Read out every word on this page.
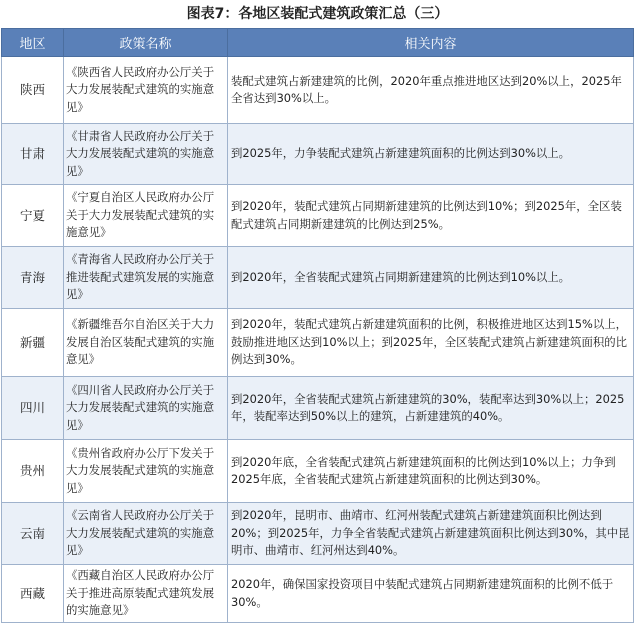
图表7：各地区装配式建筑政策汇总（三）
地区	政策名称	相关内容
陕西	《陕西省人民政府办公厅关于大力发展装配式建筑的实施意见》	装配式建筑占新建建筑的比例，2020年重点推进地区达到20%以上，2025年全省达到30%以上。
甘肃	《甘肃省人民政府办公厅关于大力发展装配式建筑的实施意见》	到2025年，力争装配式建筑占新建建筑面积的比例达到30%以上。
宁夏	《宁夏自治区人民政府办公厅关于大力发展装配式建筑的实施意见》	到2020年，装配式建筑占同期新建建筑的比例达到10%；到2025年，全区装配式建筑占同期新建建筑的比例达到25%。
青海	《青海省人民政府办公厅关于推进装配式建筑发展的实施意见》	到2020年，全省装配式建筑占同期新建建筑的比例达到10%以上。
新疆	《新疆维吾尔自治区关于大力发展自治区装配式建筑的实施意见》	到2020年，装配式建筑占新建建筑面积的比例，积极推进地区达到15%以上，鼓励推进地区达到10%以上；到2025年，全区装配式建筑占新建建筑面积的比例达到30%。
四川	《四川省人民政府办公厅关于大力发展装配式建筑的实施意见》	到2020年，全省装配式建筑占新建建筑的30%，装配率达到30%以上；2025年，装配率达到50%以上的建筑，占新建建筑的40%。
贵州	《贵州省政府办公厅下发关于大力发展装配式建筑的实施意见》	到2020年底，全省装配式建筑占新建建筑面积的比例达到10%以上；力争到2025年底，全省装配式建筑占新建建筑面积的比例达到30%。
云南	《云南省人民政府办公厅关于大力发展装配式建筑的实施意见》	到2020年，昆明市、曲靖市、红河州装配式建筑占新建建筑面积比例达到20%；到2025年，力争全省装配式建筑占新建建筑面积比例达到30%，其中昆明市、曲靖市、红河州达到40%。
西藏	《西藏自治区人民政府办公厅关于推进高原装配式建筑发展的实施意见》	2020年，确保国家投资项目中装配式建筑占同期新建建筑面积的比例不低于30%。
